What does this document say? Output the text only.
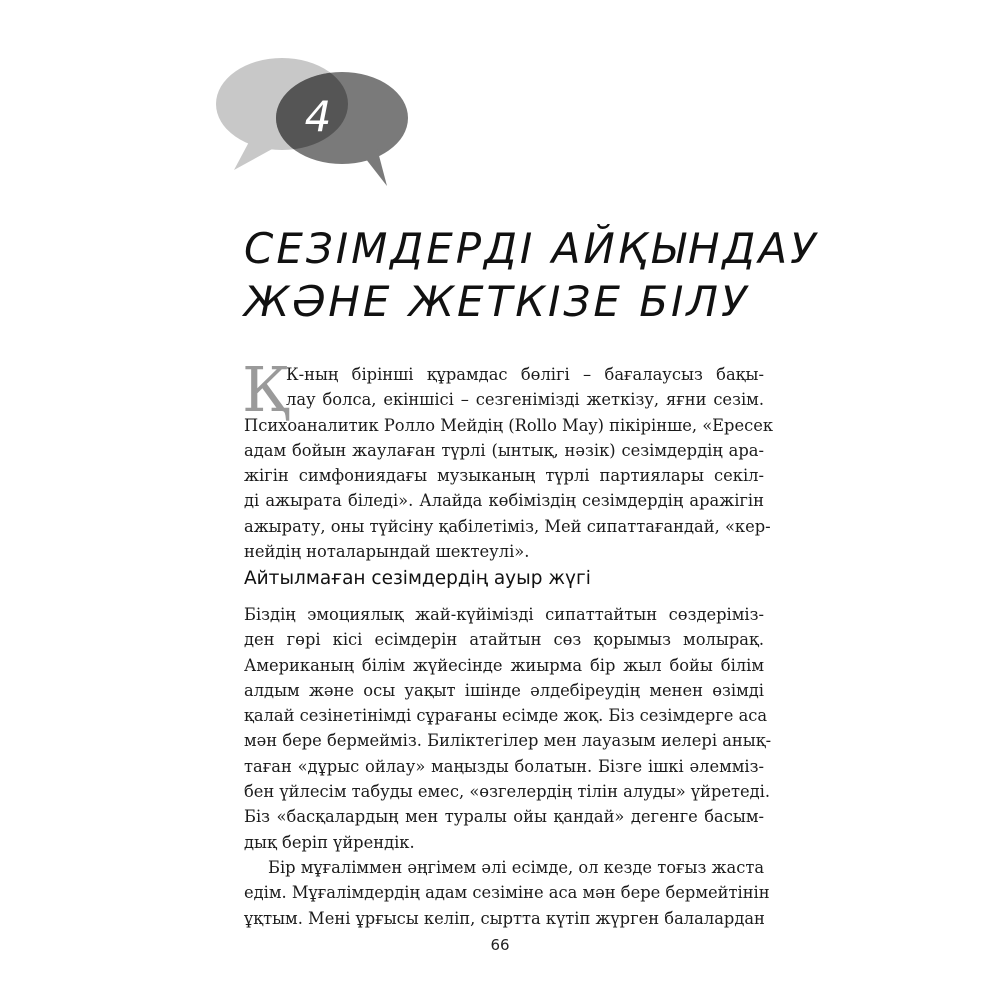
4
СЕЗІМДЕРДІ АЙҚЫНДАУ
ЖӘНЕ ЖЕТКІЗЕ БІЛУ
Қ
К-ның бірінші құрамдас бөлігі – бағалаусыз бақы-
лау болса, екіншісі – сезгенімізді жеткізу, яғни сезім.
Психоаналитик Ролло Мейдің (Rollo May) пікірінше, «Ересек
адам бойын жаулаған түрлі (ынтық, нәзік) сезімдердің ара-
жігін симфониядағы музыканың түрлі партиялары секіл-
ді ажырата біледі». Алайда көбіміздің сезімдердің аражігін
ажырату, оны түйсіну қабілетіміз, Мей сипаттағандай, «кер-
нейдің ноталарындай шектеулі».
Айтылмаған сезімдердің ауыр жүгі
Біздің эмоциялық жай-күйімізді сипаттайтын сөздеріміз-
ден гөрі кісі есімдерін атайтын сөз қорымыз молырақ.
Американың білім жүйесінде жиырма бір жыл бойы білім
алдым және осы уақыт ішінде әлдебіреудің менен өзімді
қалай сезінетінімді сұрағаны есімде жоқ. Біз сезімдерге аса
мән бере бермейміз. Биліктегілер мен лауазым иелері анық-
таған «дұрыс ойлау» маңызды болатын. Бізге ішкі әлемміз-
бен үйлесім табуды емес, «өзгелердің тілін алуды» үйретеді.
Біз «басқалардың мен туралы ойы қандай» дегенге басым-
дық беріп үйрендік.
Бір мұғаліммен әңгімем әлі есімде, ол кезде тоғыз жаста
едім. Мұғалімдердің адам сезіміне аса мән бере бермейтінін
ұқтым. Мені ұрғысы келіп, сыртта күтіп жүрген балалардан
66
